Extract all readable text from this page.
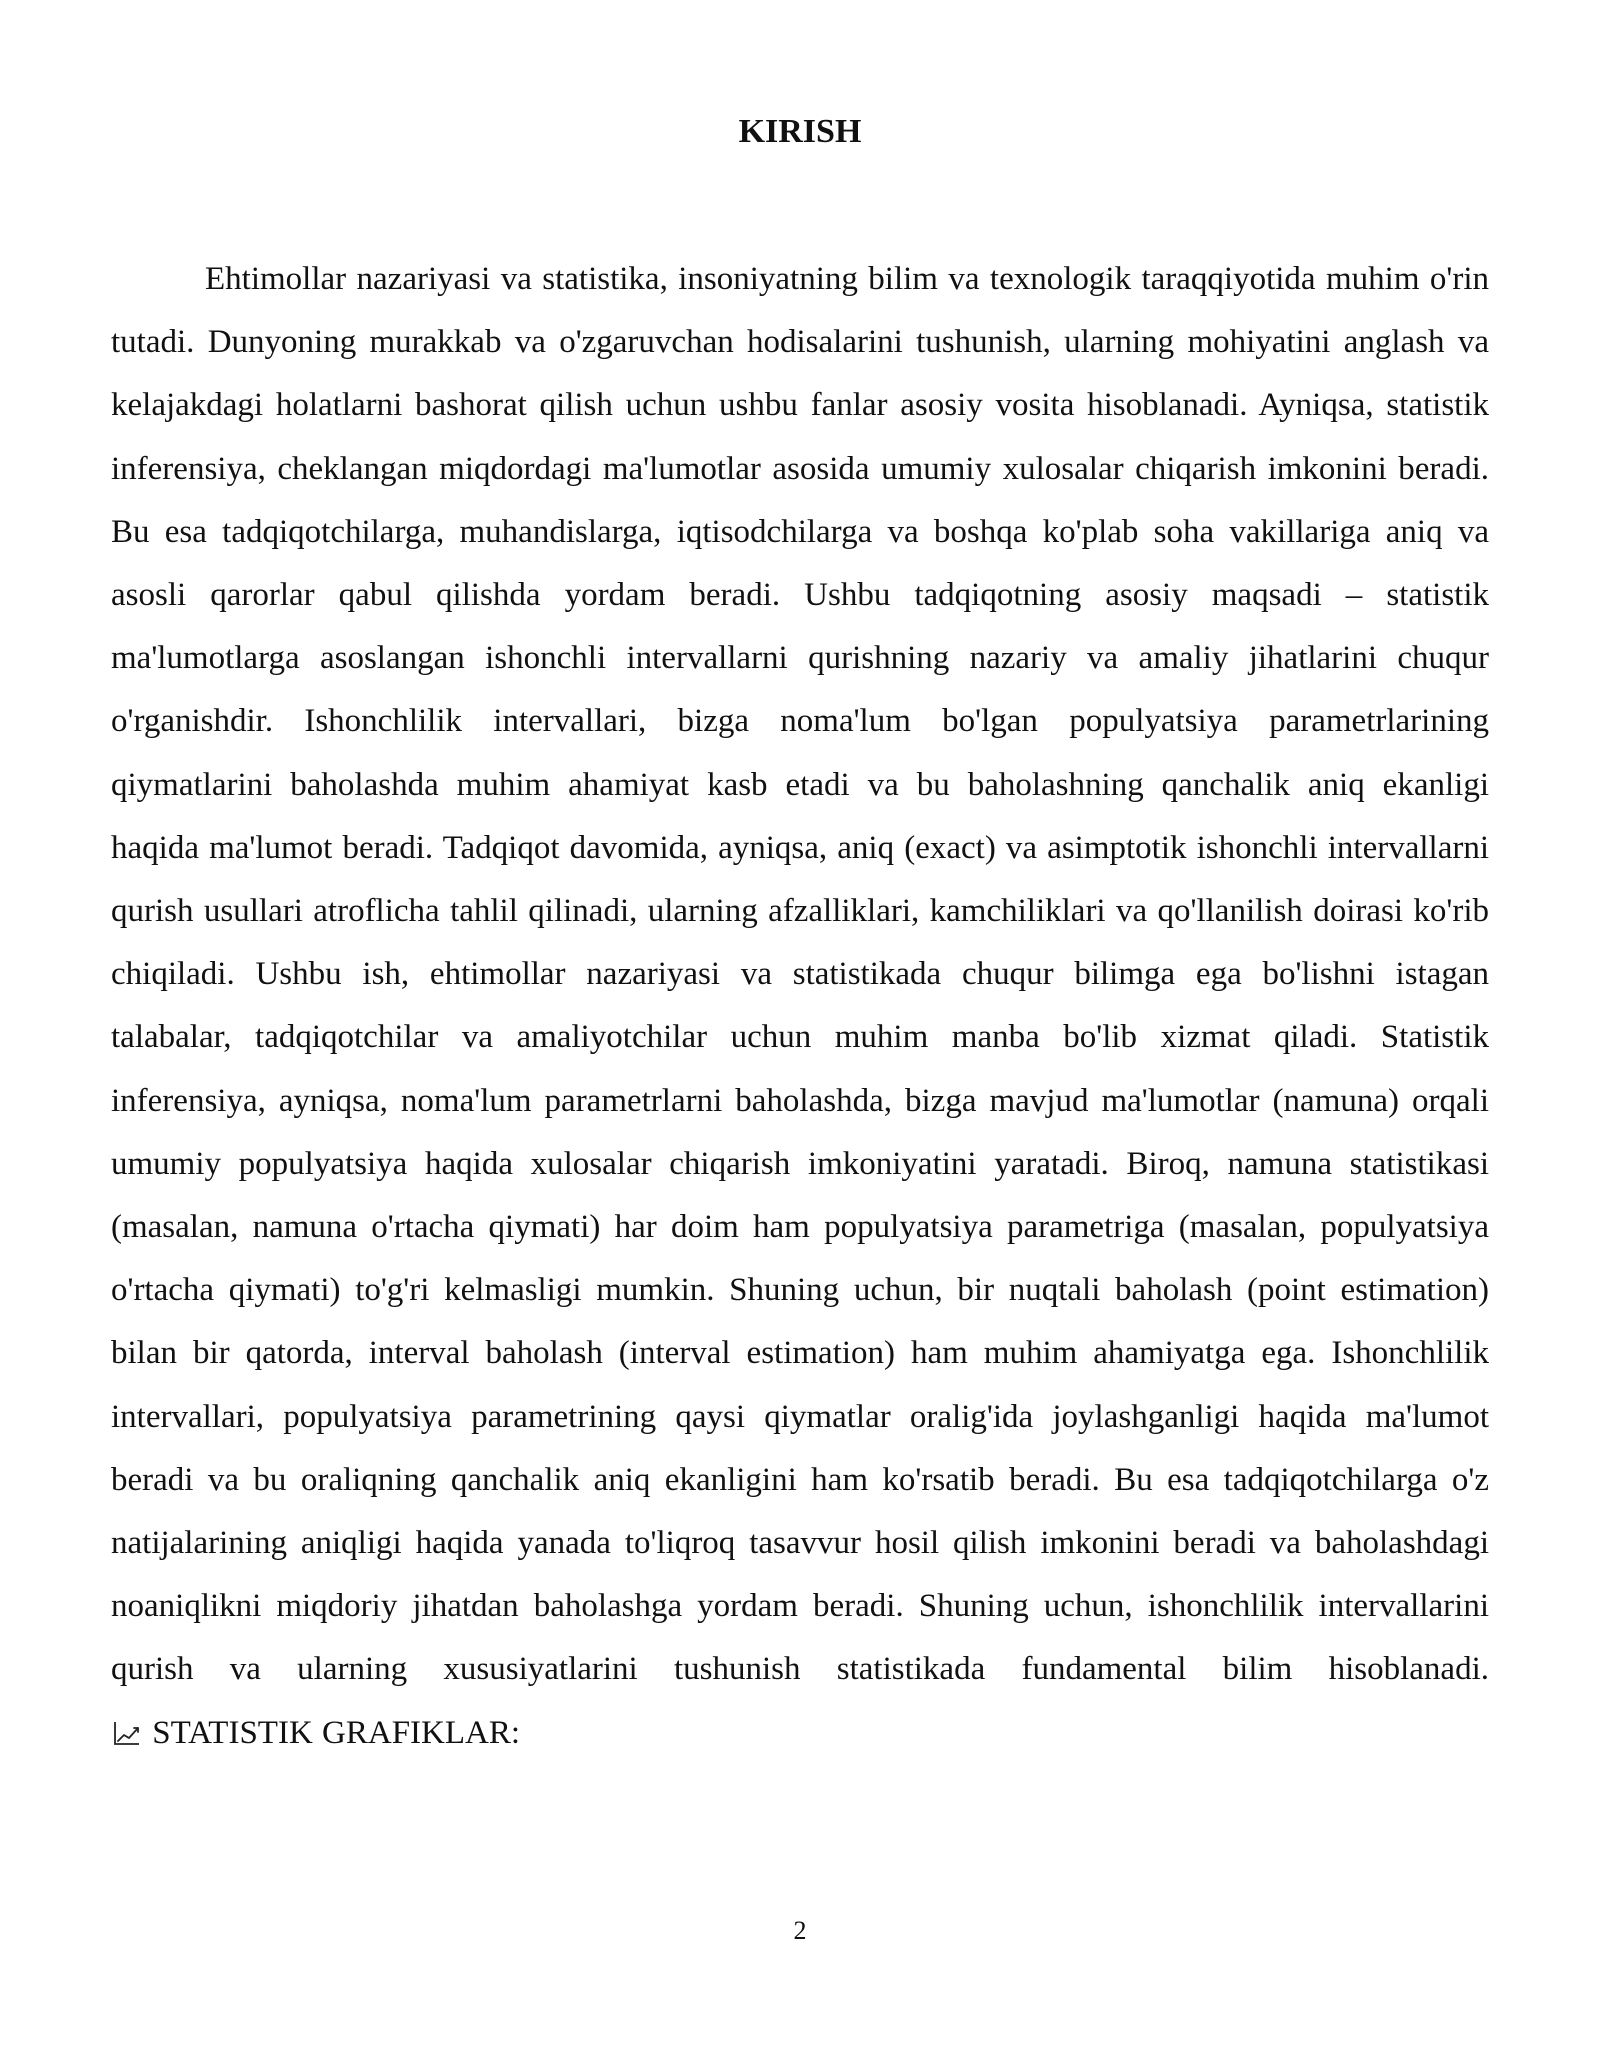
KIRISH

Ehtimollar nazariyasi va statistika, insoniyatning bilim va texnologik taraqqiyotida muhim o'rin tutadi. Dunyoning murakkab va o'zgaruvchan hodisalarini tushunish, ularning mohiyatini anglash va kelajakdagi holatlarni bashorat qilish uchun ushbu fanlar asosiy vosita hisoblanadi. Ayniqsa, statistik inferensiya, cheklangan miqdordagi ma'lumotlar asosida umumiy xulosalar chiqarish imkonini beradi. Bu esa tadqiqotchilarga, muhandislarga, iqtisodchilarga va boshqa ko'plab soha vakillariga aniq va asosli qarorlar qabul qilishda yordam beradi. Ushbu tadqiqotning asosiy maqsadi – statistik ma'lumotlarga asoslangan ishonchli intervallarni qurishning nazariy va amaliy jihatlarini chuqur o'rganishdir. Ishonchlilik intervallari, bizga noma'lum bo'lgan populyatsiya parametrlarining qiymatlarini baholashda muhim ahamiyat kasb etadi va bu baholashning qanchalik aniq ekanligi haqida ma'lumot beradi. Tadqiqot davomida, ayniqsa, aniq (exact) va asimptotik ishonchli intervallarni qurish usullari atroflicha tahlil qilinadi, ularning afzalliklari, kamchiliklari va qo'llanilish doirasi ko'rib chiqiladi. Ushbu ish, ehtimollar nazariyasi va statistikada chuqur bilimga ega bo'lishni istagan talabalar, tadqiqotchilar va amaliyotchilar uchun muhim manba bo'lib xizmat qiladi. Statistik inferensiya, ayniqsa, noma'lum parametrlarni baholashda, bizga mavjud ma'lumotlar (namuna) orqali umumiy populyatsiya haqida xulosalar chiqarish imkoniyatini yaratadi. Biroq, namuna statistikasi (masalan, namuna o'rtacha qiymati) har doim ham populyatsiya parametriga (masalan, populyatsiya o'rtacha qiymati) to'g'ri kelmasligi mumkin. Shuning uchun, bir nuqtali baholash (point estimation) bilan bir qatorda, interval baholash (interval estimation) ham muhim ahamiyatga ega. Ishonchlilik intervallari, populyatsiya parametrining qaysi qiymatlar oralig'ida joylashganligi haqida ma'lumot beradi va bu oraliqning qanchalik aniq ekanligini ham ko'rsatib beradi. Bu esa tadqiqotchilarga o'z natijalarining aniqligi haqida yanada to'liqroq tasavvur hosil qilish imkonini beradi va baholashdagi noaniqlikni miqdoriy jihatdan baholashga yordam beradi. Shuning uchun, ishonchlilik intervallarini qurish va ularning xususiyatlarini tushunish statistikada fundamental bilim hisoblanadi.
STATISTIK GRAFIKLAR:

2
